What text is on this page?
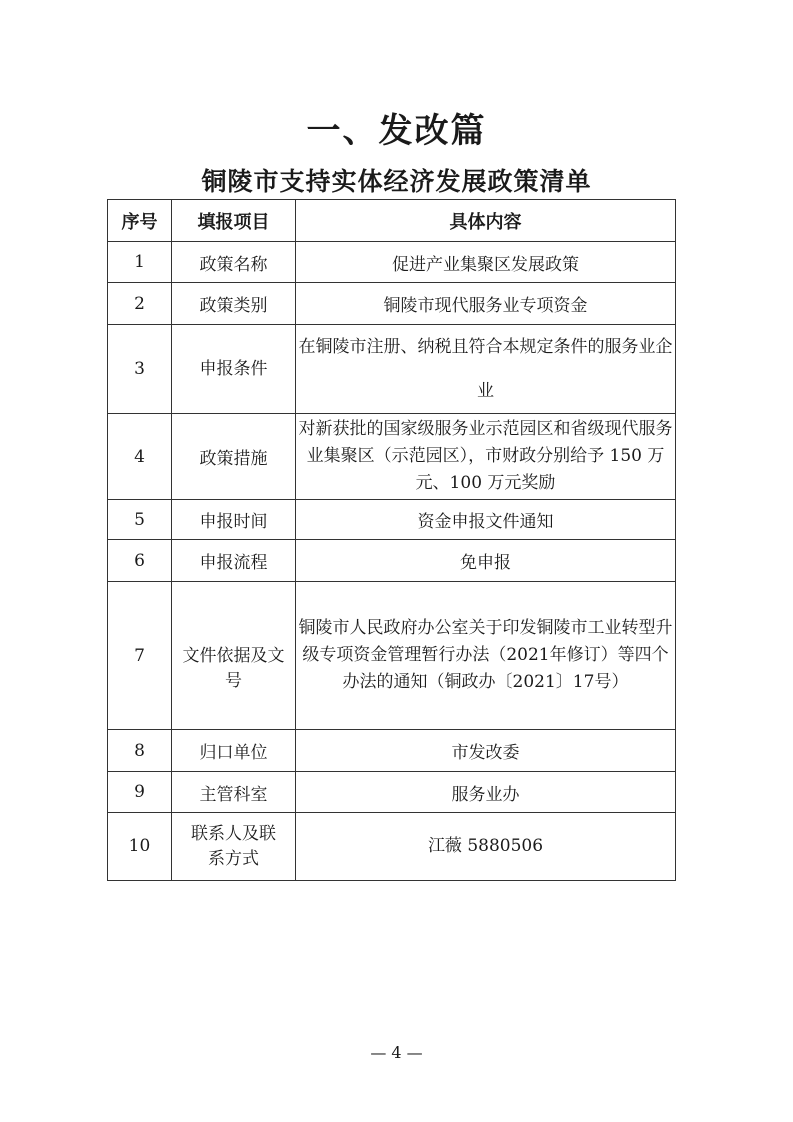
一、发改篇
铜陵市支持实体经济发展政策清单
序号	填报项目	具体内容
1	政策名称	促进产业集聚区发展政策
2	政策类别	铜陵市现代服务业专项资金
3	申报条件	在铜陵市注册、纳税且符合本规定条件的服务业企业
4	政策措施	对新获批的国家级服务业示范园区和省级现代服务业集聚区（示范园区），市财政分别给予 150 万元、100 万元奖励
5	申报时间	资金申报文件通知
6	申报流程	免申报
7	文件依据及文号	铜陵市人民政府办公室关于印发铜陵市工业转型升级专项资金管理暂行办法（2021年修订）等四个办法的通知（铜政办〔2021〕17号）
8	归口单位	市发改委
9	主管科室	服务业办
10	联系人及联系方式	江薇 5880506
— 4 —
